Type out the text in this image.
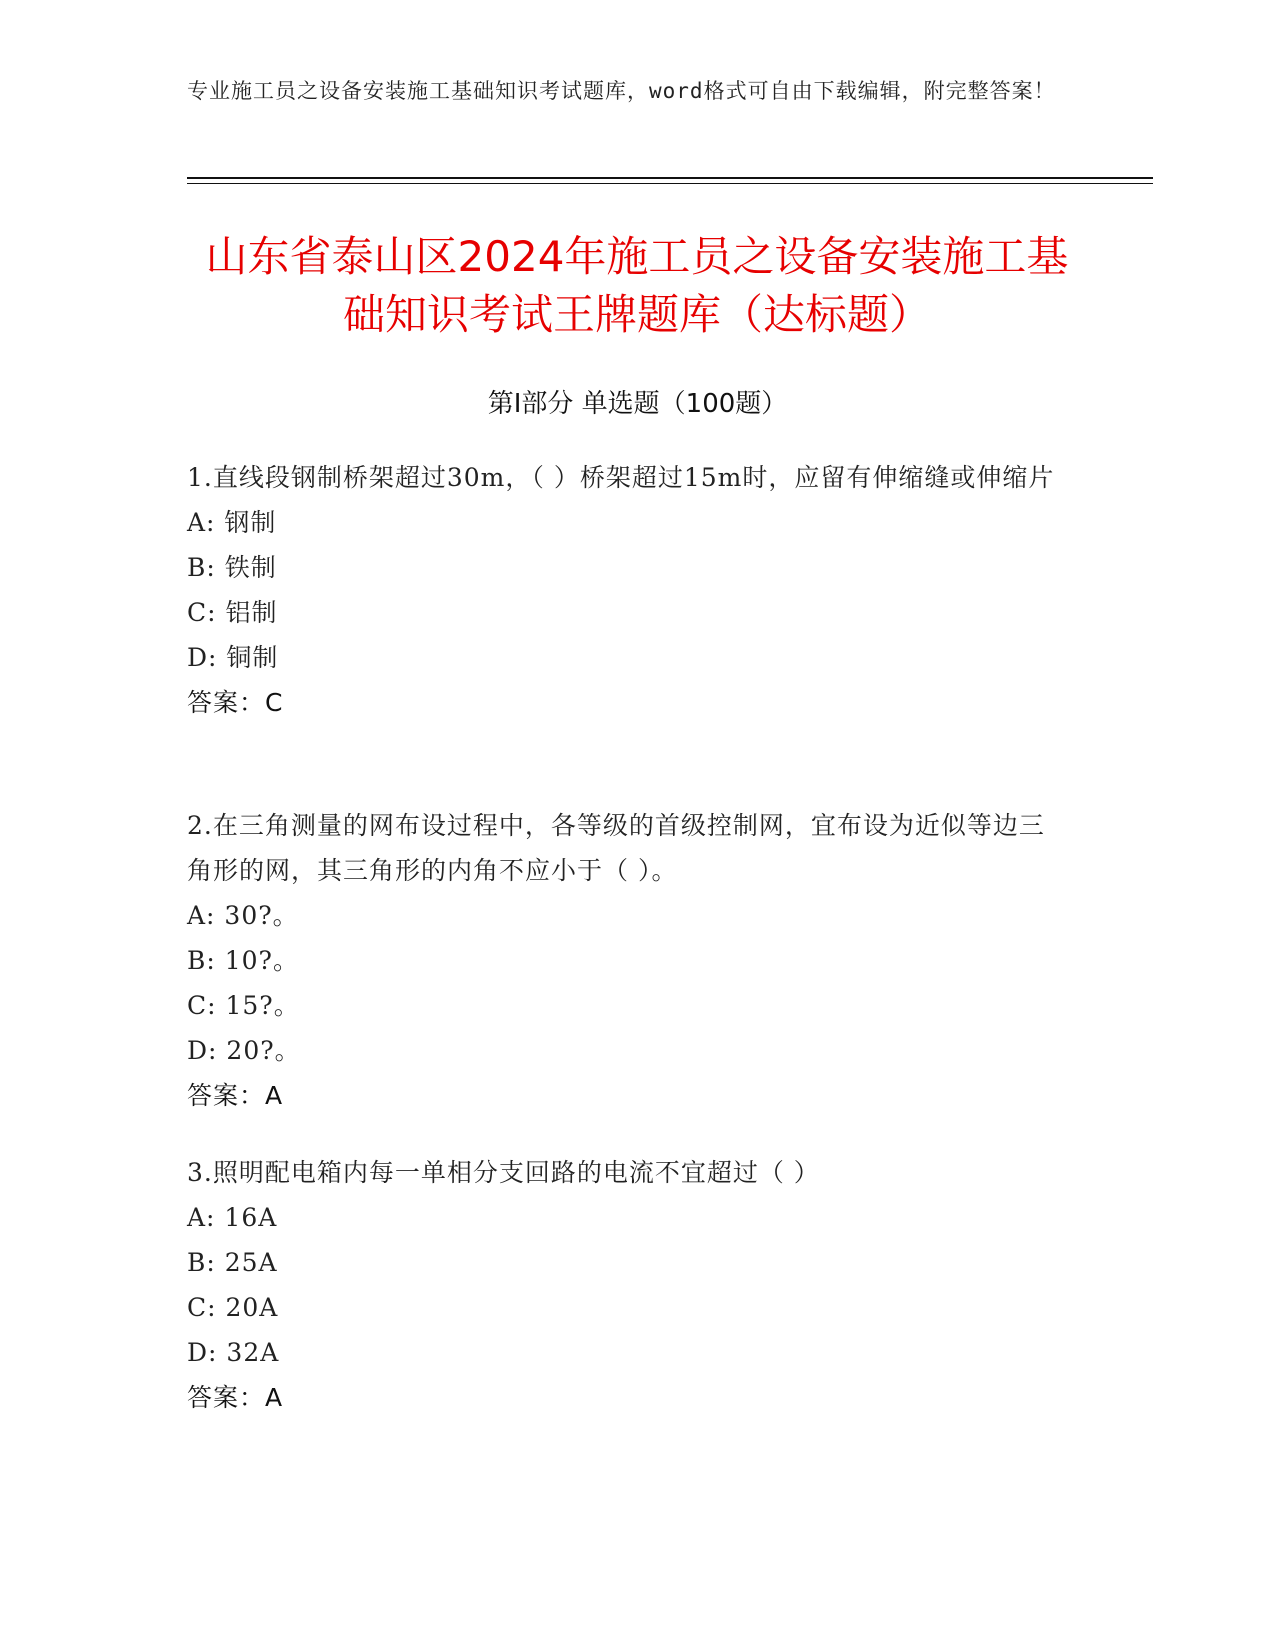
专业施工员之设备安装施工基础知识考试题库，word格式可自由下载编辑，附完整答案！
山东省泰山区2024年施工员之设备安装施工基础知识考试王牌题库（达标题）
第Ⅰ部分 单选题（100题）
1.直线段钢制桥架超过30m，（ ）桥架超过15m时，应留有伸缩缝或伸缩片
A: 钢制
B: 铁制
C: 铝制
D: 铜制
答案：C
2.在三角测量的网布设过程中，各等级的首级控制网，宜布设为近似等边三角形的网，其三角形的内角不应小于（ ）。
A: 30?。
B: 10?。
C: 15?。
D: 20?。
答案：A
3.照明配电箱内每一单相分支回路的电流不宜超过（ ）
A: 16A
B: 25A
C: 20A
D: 32A
答案：A
